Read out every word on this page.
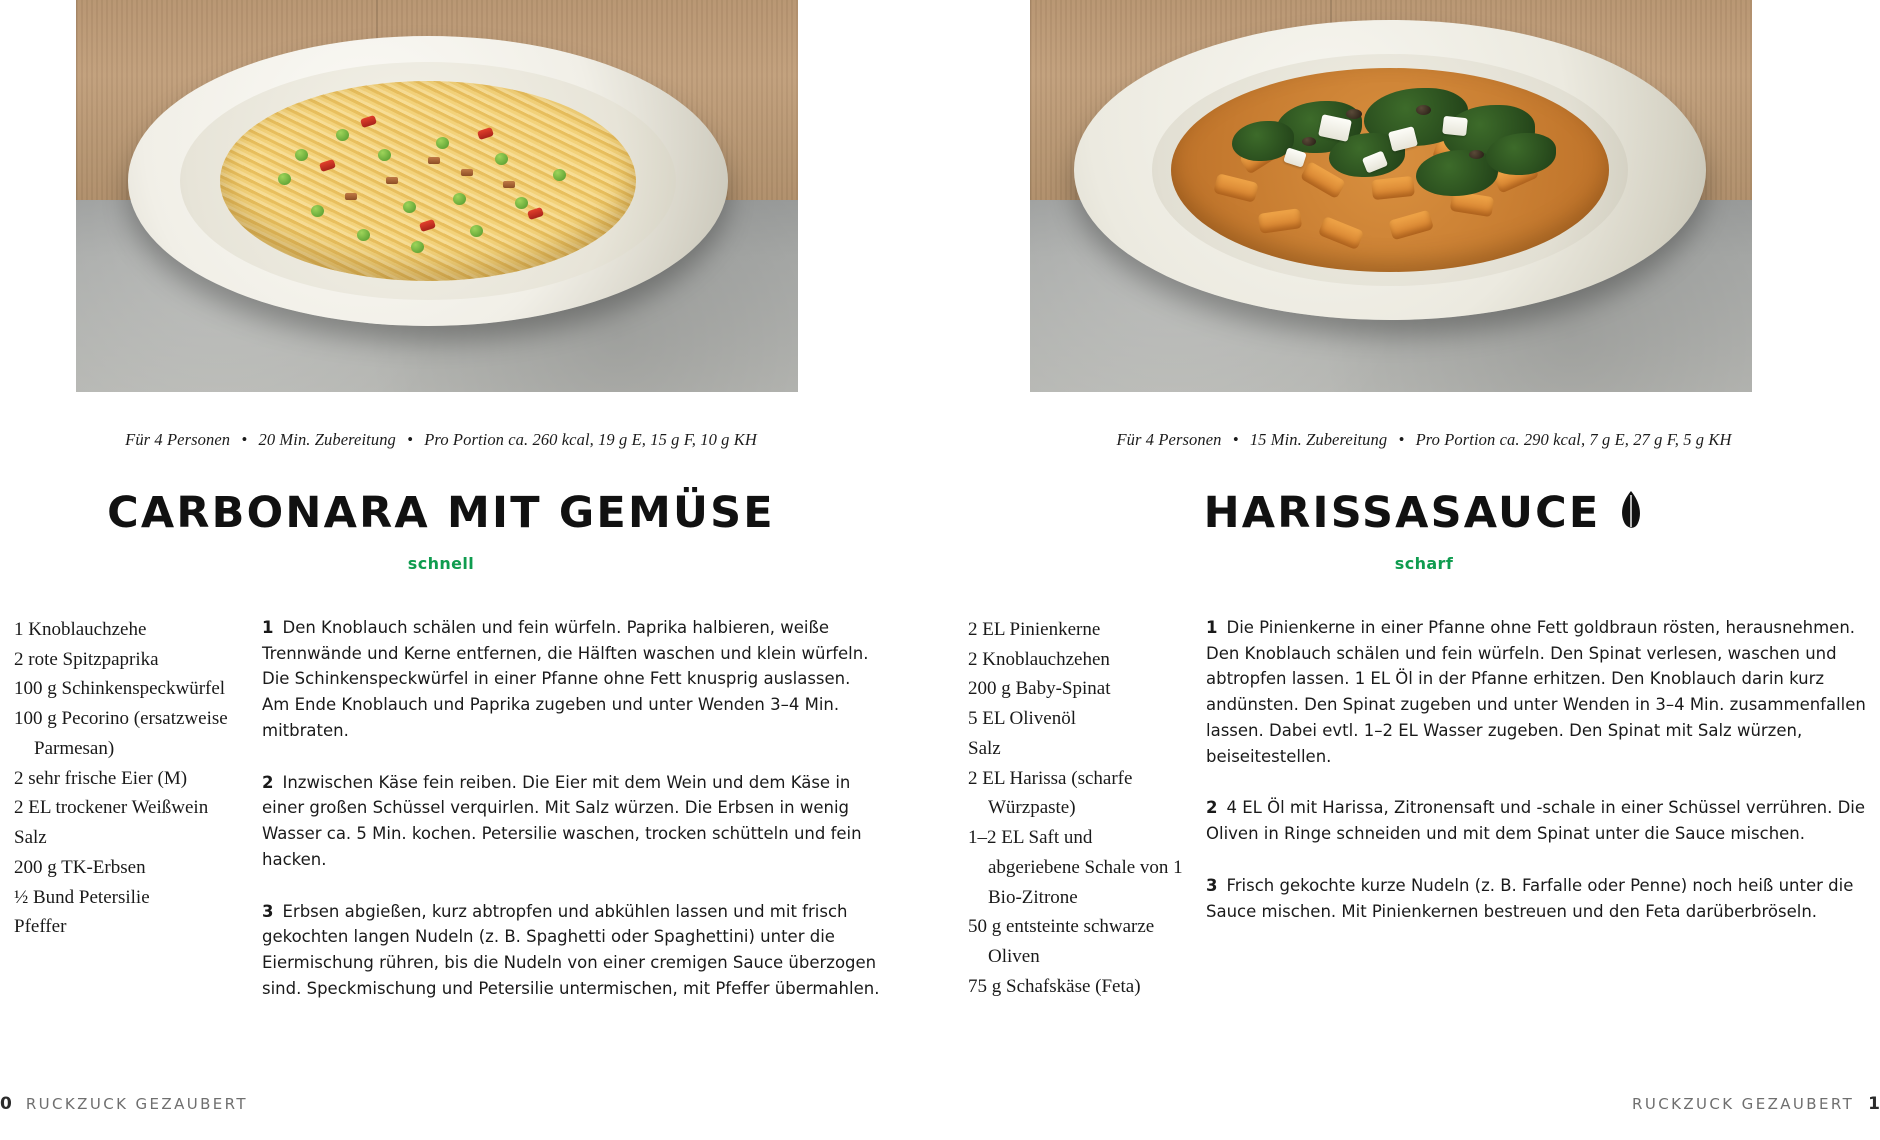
Für 4 Personen • 20 Min. Zubereitung • Pro Portion ca. 260 kcal, 19 g E, 15 g F, 10 g KH
CARBONARA MIT GEMÜSE
schnell
1 Knoblauchzehe
2 rote Spitzpaprika
100 g Schinkenspeckwürfel
100 g Pecorino (ersatzweise Parmesan)
2 sehr frische Eier (M)
2 EL trockener Weißwein
Salz
200 g TK-Erbsen
½ Bund Petersilie
Pfeffer

1 Den Knoblauch schälen und fein würfeln. Paprika halbieren, weiße Trennwände und Kerne entfernen, die Hälften waschen und klein würfeln. Die Schinkenspeckwürfel in einer Pfanne ohne Fett knusprig auslassen. Am Ende Knoblauch und Paprika zugeben und unter Wenden 3–4 Min. mitbraten.

2 Inzwischen Käse fein reiben. Die Eier mit dem Wein und dem Käse in einer großen Schüssel verquirlen. Mit Salz würzen. Die Erbsen in wenig Wasser ca. 5 Min. kochen. Petersilie waschen, trocken schütteln und fein hacken.

3 Erbsen abgießen, kurz abtropfen und abkühlen lassen und mit frisch gekochten langen Nudeln (z. B. Spaghetti oder Spaghettini) unter die Eiermischung rühren, bis die Nudeln von einer cremigen Sauce überzogen sind. Speckmischung und Petersilie untermischen, mit Pfeffer übermahlen.

0 RUCKZUCK GEZAUBERT
Für 4 Personen • 15 Min. Zubereitung • Pro Portion ca. 290 kcal, 7 g E, 27 g F, 5 g KH
HARISSASAUCE
scharf
2 EL Pinienkerne
2 Knoblauchzehen
200 g Baby-Spinat
5 EL Olivenöl
Salz
2 EL Harissa (scharfe Würzpaste)
1–2 EL Saft und abgeriebene Schale von 1 Bio-Zitrone
50 g entsteinte schwarze Oliven
75 g Schafskäse (Feta)

1 Die Pinienkerne in einer Pfanne ohne Fett goldbraun rösten, herausnehmen. Den Knoblauch schälen und fein würfeln. Den Spinat verlesen, waschen und abtropfen lassen. 1 EL Öl in der Pfanne erhitzen. Den Knoblauch darin kurz andünsten. Den Spinat zugeben und unter Wenden in 3–4 Min. zusammenfallen lassen. Dabei evtl. 1–2 EL Wasser zugeben. Den Spinat mit Salz würzen, beiseitestellen.

2 4 EL Öl mit Harissa, Zitronensaft und -schale in einer Schüssel verrühren. Die Oliven in Ringe schneiden und mit dem Spinat unter die Sauce mischen.

3 Frisch gekochte kurze Nudeln (z. B. Farfalle oder Penne) noch heiß unter die Sauce mischen. Mit Pinienkernen bestreuen und den Feta darüberbröseln.

RUCKZUCK GEZAUBERT 1
